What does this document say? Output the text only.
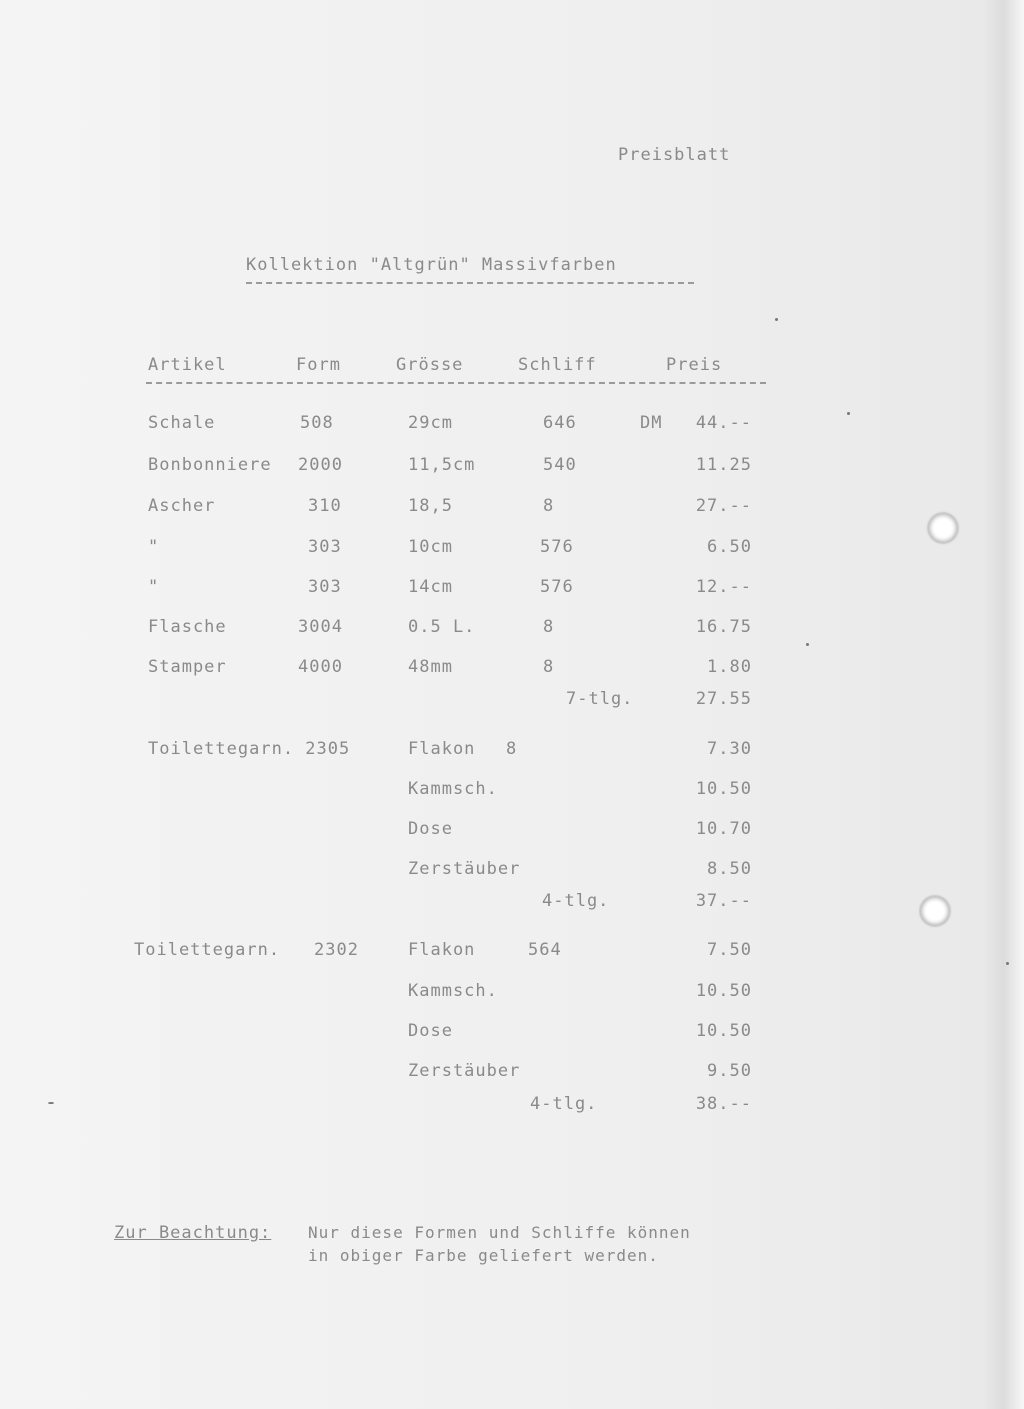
Preisblatt
Kollektion "Altgrün" Massivfarben
Artikel	Form	Grösse	Schliff	Preis
Schale	508	29cm	646	DM	44.--
Bonbonniere 2000	11,5cm	540	11.25
Ascher	310	18,5	8	27.--
"	303	10cm	576	6.50
"	303	14cm	576	12.--
Flasche	3004	0.5 L.	8	16.75
Stamper	4000	48mm	8	1.80
7-tlg.	27.55
Toilettegarn. 2305	Flakon 8	7.30
Kammsch.	10.50
Dose	10.70
Zerstäuber	8.50
4-tlg.	37.--
Toilettegarn. 2302	Flakon	564	7.50
Kammsch.	10.50
Dose	10.50
Zerstäuber	9.50
4-tlg.	38.--
Zur Beachtung: Nur diese Formen und Schliffe können
in obiger Farbe geliefert werden.
